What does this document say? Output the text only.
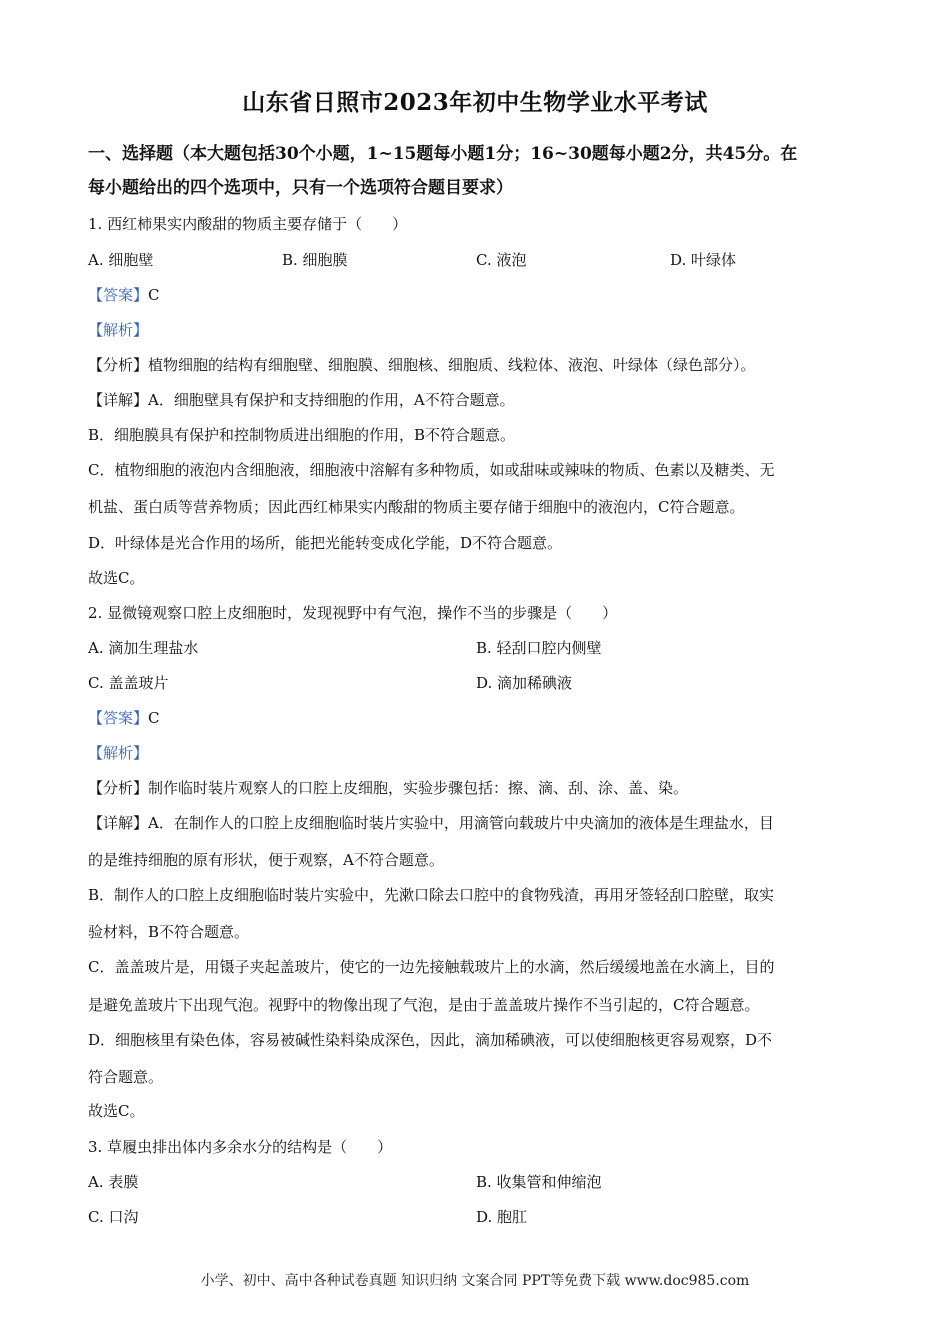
山东省日照市2023年初中生物学业水平考试
一、选择题（本大题包括30个小题，1~15题每小题1分；16~30题每小题2分，共45分。在
每小题给出的四个选项中，只有一个选项符合题目要求）
1. 西红柿果实内酸甜的物质主要存储于（　　）
A. 细胞壁	B. 细胞膜	C. 液泡	D. 叶绿体
【答案】C
【解析】
【分析】植物细胞的结构有细胞壁、细胞膜、细胞核、细胞质、线粒体、液泡、叶绿体（绿色部分）。
【详解】A．细胞壁具有保护和支持细胞的作用，A不符合题意。
B．细胞膜具有保护和控制物质进出细胞的作用，B不符合题意。
C．植物细胞的液泡内含细胞液，细胞液中溶解有多种物质，如或甜味或辣味的物质、色素以及糖类、无
机盐、蛋白质等营养物质；因此西红柿果实内酸甜的物质主要存储于细胞中的液泡内，C符合题意。
D．叶绿体是光合作用的场所，能把光能转变成化学能，D不符合题意。
故选C。
2. 显微镜观察口腔上皮细胞时，发现视野中有气泡，操作不当的步骤是（　　）
A. 滴加生理盐水	B. 轻刮口腔内侧壁
C. 盖盖玻片	D. 滴加稀碘液
【答案】C
【解析】
【分析】制作临时装片观察人的口腔上皮细胞，实验步骤包括：擦、滴、刮、涂、盖、染。
【详解】A．在制作人的口腔上皮细胞临时装片实验中，用滴管向载玻片中央滴加的液体是生理盐水，目
的是维持细胞的原有形状，便于观察，A不符合题意。
B．制作人的口腔上皮细胞临时装片实验中，先漱口除去口腔中的食物残渣，再用牙签轻刮口腔壁，取实
验材料，B不符合题意。
C．盖盖玻片是，用镊子夹起盖玻片，使它的一边先接触载玻片上的水滴，然后缓缓地盖在水滴上，目的
是避免盖玻片下出现气泡。视野中的物像出现了气泡，是由于盖盖玻片操作不当引起的，C符合题意。
D．细胞核里有染色体，容易被碱性染料染成深色，因此，滴加稀碘液，可以使细胞核更容易观察，D不
符合题意。
故选C。
3. 草履虫排出体内多余水分的结构是（　　）
A. 表膜	B. 收集管和伸缩泡
C. 口沟	D. 胞肛
小学、初中、高中各种试卷真题 知识归纳 文案合同 PPT等免费下载 www.doc985.com
